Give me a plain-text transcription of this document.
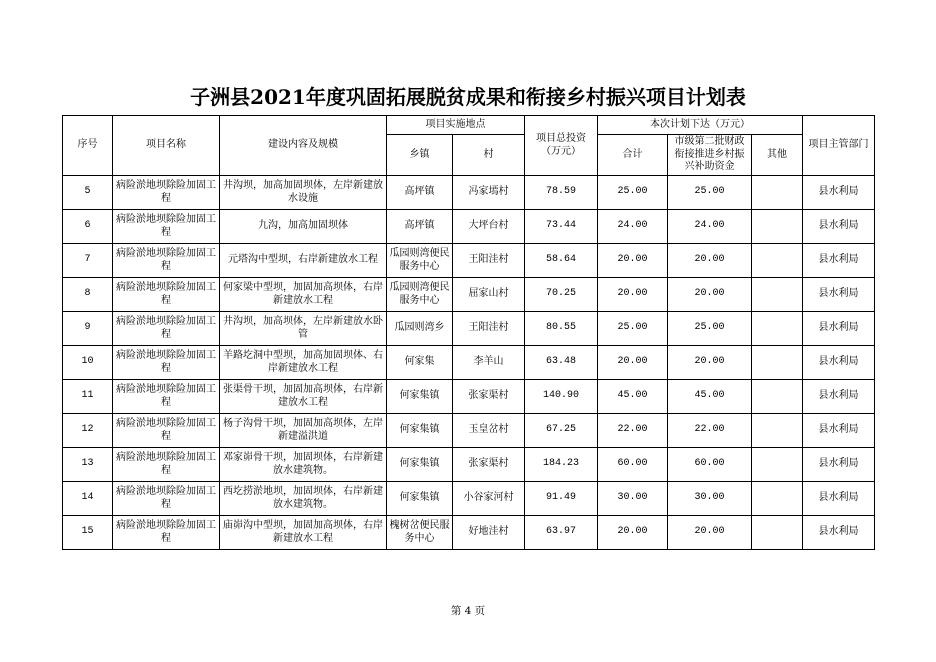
子洲县2021年度巩固拓展脱贫成果和衔接乡村振兴项目计划表
序号	项目名称	建设内容及规模	项目实施地点		项目总投资（万元）	本次计划下达（万元）			项目主管部门
			乡镇	村		合计	市级第二批财政衔接推进乡村振兴补助资金	其他	
5	病险淤地坝除险加固工程	井沟坝，加高加固坝体，左岸新建放水设施	高坪镇	冯家墕村	78.59	25.00	25.00		县水利局
6	病险淤地坝除险加固工程	九沟，加高加固坝体	高坪镇	大坪台村	73.44	24.00	24.00		县水利局
7	病险淤地坝除险加固工程	元塔沟中型坝，右岸新建放水工程	瓜园则湾便民服务中心	王阳洼村	58.64	20.00	20.00		县水利局
8	病险淤地坝除险加固工程	何家梁中型坝，加固加高坝体，右岸新建放水工程	瓜园则湾便民服务中心	屈家山村	70.25	20.00	20.00		县水利局
9	病险淤地坝除险加固工程	井沟坝，加高坝体，左岸新建放水卧管	瓜园则湾乡	王阳洼村	80.55	25.00	25.00		县水利局
10	病险淤地坝除险加固工程	羊路圪洞中型坝，加高加固坝体、右岸新建放水工程	何家集	李羊山	63.48	20.00	20.00		县水利局
11	病险淤地坝除险加固工程	张渠骨干坝，加固加高坝体，右岸新建放水工程	何家集镇	张家渠村	140.90	45.00	45.00		县水利局
12	病险淤地坝除险加固工程	杨子沟骨干坝，加固加高坝体，左岸新建溢洪道	何家集镇	玉皇岔村	67.25	22.00	22.00		县水利局
13	病险淤地坝除险加固工程	邓家峁骨干坝，加固坝体，右岸新建放水建筑物。	何家集镇	张家渠村	184.23	60.00	60.00		县水利局
14	病险淤地坝除险加固工程	西圪捞淤地坝，加固坝体，右岸新建放水建筑物。	何家集镇	小谷家河村	91.49	30.00	30.00		县水利局
15	病险淤地坝除险加固工程	庙峁沟中型坝，加固加高坝体，右岸新建放水工程	槐树岔便民服务中心	好地洼村	63.97	20.00	20.00		县水利局
第 4 页
